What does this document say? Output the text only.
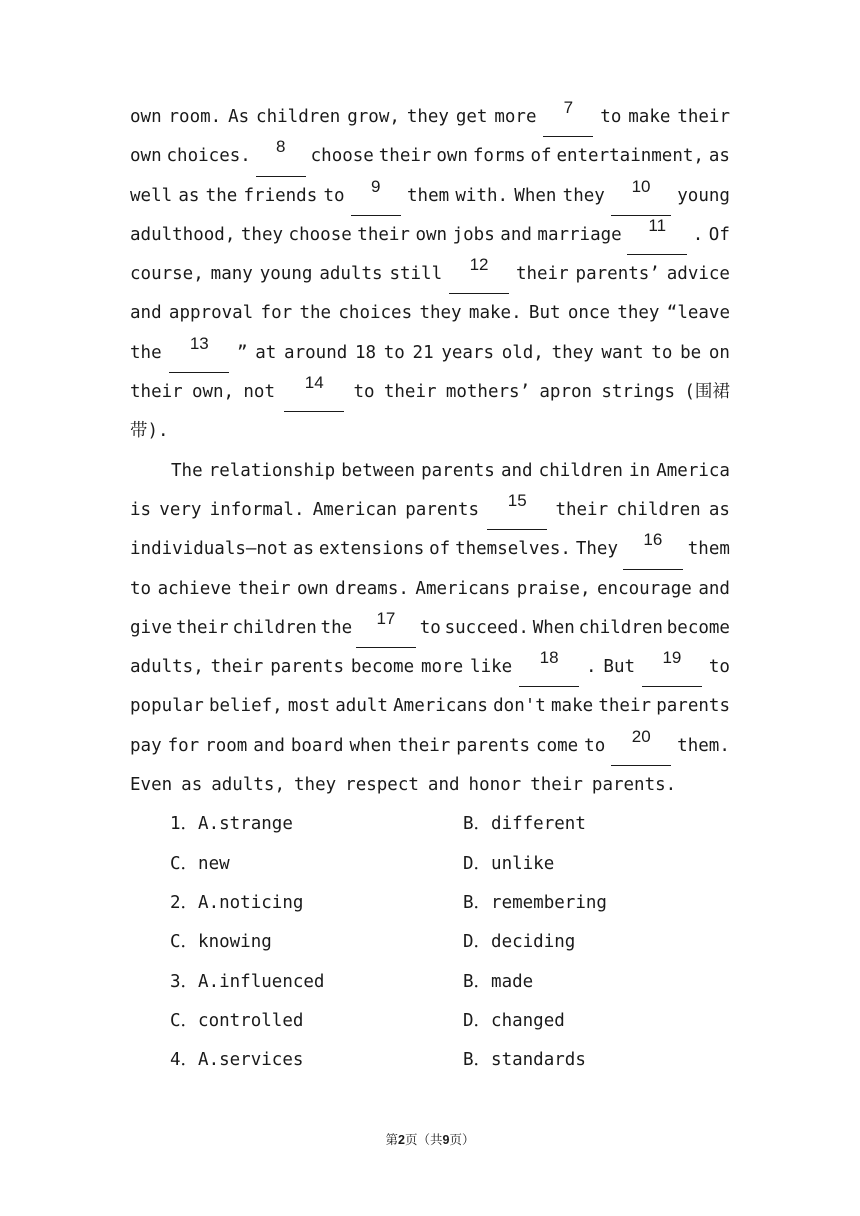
own room. As children grow, they get more	7	to make their
own choices.	8	choose their own forms of entertainment, as
well as the friends to	9	them with. When they	10	young
adulthood, they choose their own jobs and marriage	11	. Of
course, many young adults still	12	their parents’ advice
and approval for the choices they make. But once they “leave
the	13	” at around 18 to 21 years old, they want to be on
their own, not	14	to their mothers’ apron strings (围裙
带).
The relationship between parents and children in America
is very informal. American parents	15	their children as
individuals—not as extensions of themselves. They	16	them
to achieve their own dreams. Americans praise, encourage and
give their children the	17	to succeed. When children become
adults, their parents become more like	18	. But	19	to
popular belief, most adult Americans don't make their parents
pay for room and board when their parents come to	20	them.
Even as adults, they respect and honor their parents.
1．A.strange	B．different
C．new	D．unlike
2．A.noticing	B．remembering
C．knowing	D．deciding
3．A.influenced	B．made
C．controlled	D．changed
4．A.services	B．standards
第2页（共9页）
